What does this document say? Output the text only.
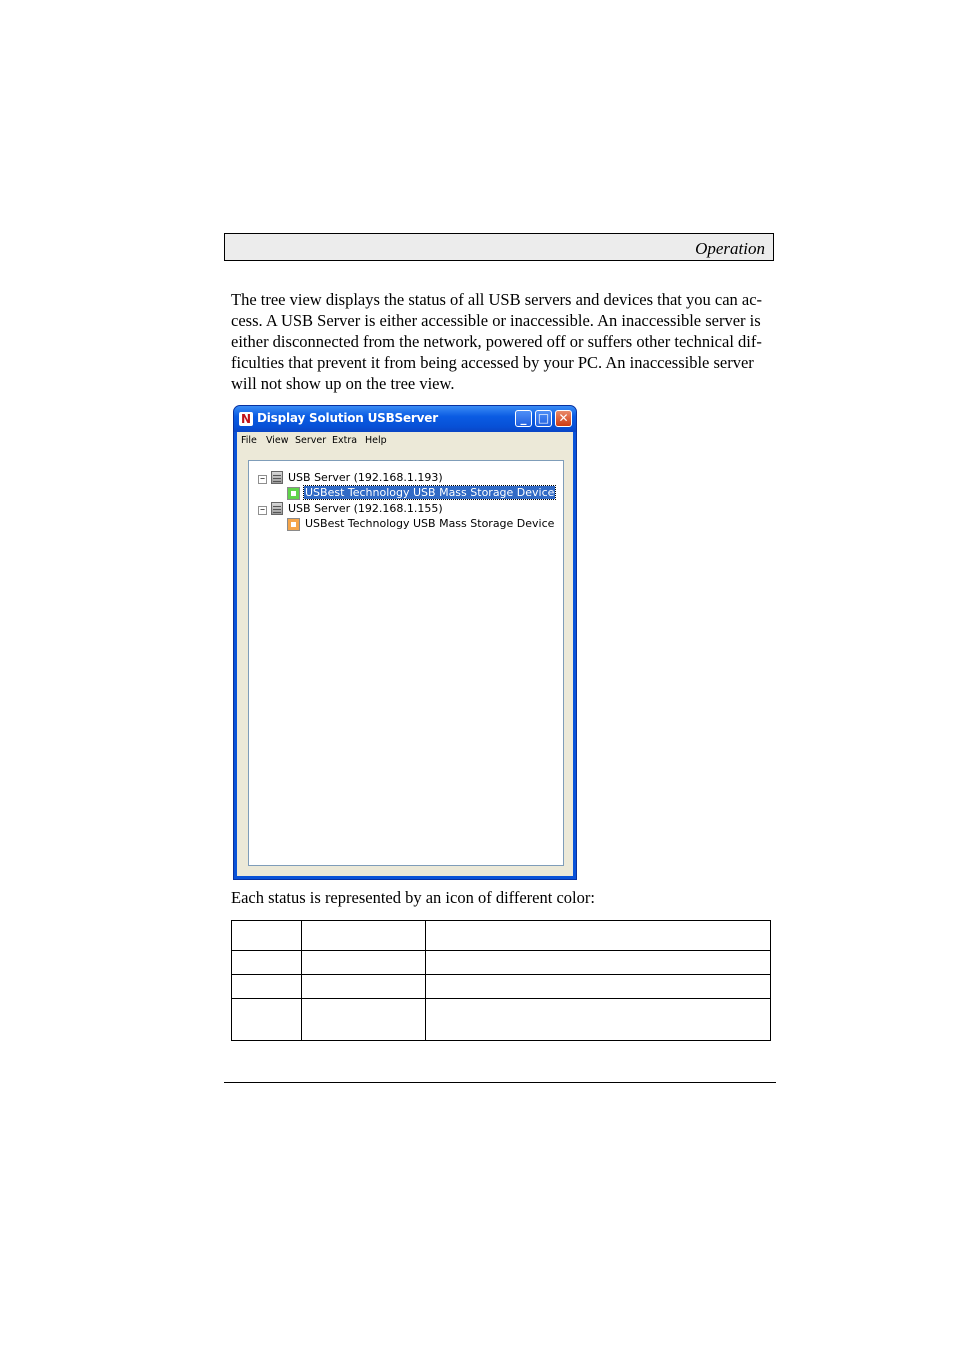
Operation
The tree view displays the status of all USB servers and devices that you can ac-
cess. A USB Server is either accessible or inaccessible. An inaccessible server is
either disconnected from the network, powered off or suffers other technical dif-
ficulties that prevent it from being accessed by your PC. An inaccessible server
will not show up on the tree view.
N Display Solution USBServer	_ □ ✕
File View Server Extra Help
− USB Server (192.168.1.193)
USBest Technology USB Mass Storage Device
− USB Server (192.168.1.155)
USBest Technology USB Mass Storage Device
Each status is represented by an icon of different color:
